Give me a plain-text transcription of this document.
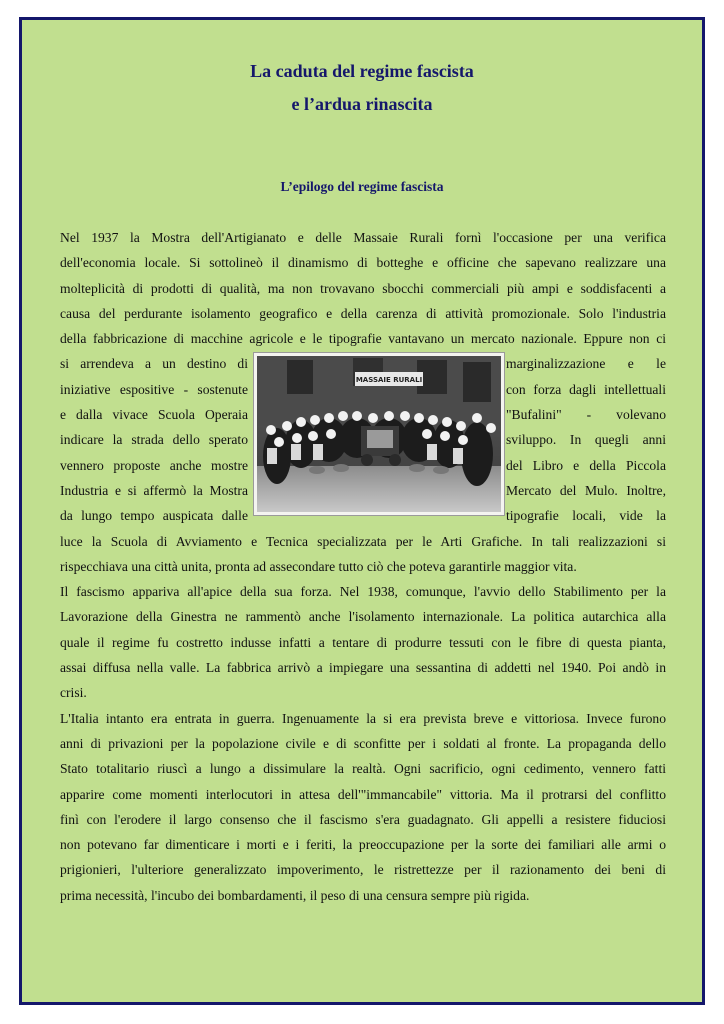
La caduta del regime fascista
e l’ardua rinascita
L’epilogo del regime fascista
Nel 1937 la Mostra dell'Artigianato e delle Massaie Rurali fornì l'occasione per una verifica
dell'economia locale. Si sottolineò il dinamismo di botteghe e officine che sapevano realizzare una
molteplicità di prodotti di qualità, ma non trovavano sbocchi commerciali più ampi e soddisfacenti a
causa del perdurante isolamento geografico e della carenza di attività promozionale. Solo l'industria
della fabbricazione di macchine agricole e le tipografie vantavano un mercato nazionale. Eppure non ci
si arrendeva a un destino di	marginalizzazione e le
iniziative espositive - sostenute	con forza dagli intellettuali
e dalla vivace Scuola Operaia	"Bufalini" - volevano
indicare la strada dello sperato	sviluppo. In quegli anni
vennero proposte anche mostre	del Libro e della Piccola
Industria e si affermò la Mostra	Mercato del Mulo. Inoltre,
da lungo tempo auspicata dalle	tipografie locali, vide la
luce la Scuola di Avviamento e Tecnica specializzata per le Arti Grafiche. In tali realizzazioni si
rispecchiava una città unita, pronta ad assecondare tutto ciò che poteva garantirle maggior vita.
Il fascismo appariva all'apice della sua forza. Nel 1938, comunque, l'avvio dello Stabilimento per la
Lavorazione della Ginestra ne rammentò anche l'isolamento internazionale. La politica autarchica alla
quale il regime fu costretto indusse infatti a tentare di produrre tessuti con le fibre di questa pianta,
assai diffusa nella valle. La fabbrica arrivò a impiegare una sessantina di addetti nel 1940. Poi andò in
crisi.
L'Italia intanto era entrata in guerra. Ingenuamente la si era prevista breve e vittoriosa. Invece furono
anni di privazioni per la popolazione civile e di sconfitte per i soldati al fronte. La propaganda dello
Stato totalitario riuscì a lungo a dissimulare la realtà. Ogni sacrificio, ogni cedimento, vennero fatti
apparire come momenti interlocutori in attesa dell'"immancabile" vittoria. Ma il protrarsi del conflitto
finì con l'erodere il largo consenso che il fascismo s'era guadagnato. Gli appelli a resistere fiduciosi
non potevano far dimenticare i morti e i feriti, la preoccupazione per la sorte dei familiari alle armi o
prigionieri, l'ulteriore generalizzato impoverimento, le ristrettezze per il razionamento dei beni di
prima necessità, l'incubo dei bombardamenti, il peso di una censura sempre più rigida.
MASSAIE RURALI
